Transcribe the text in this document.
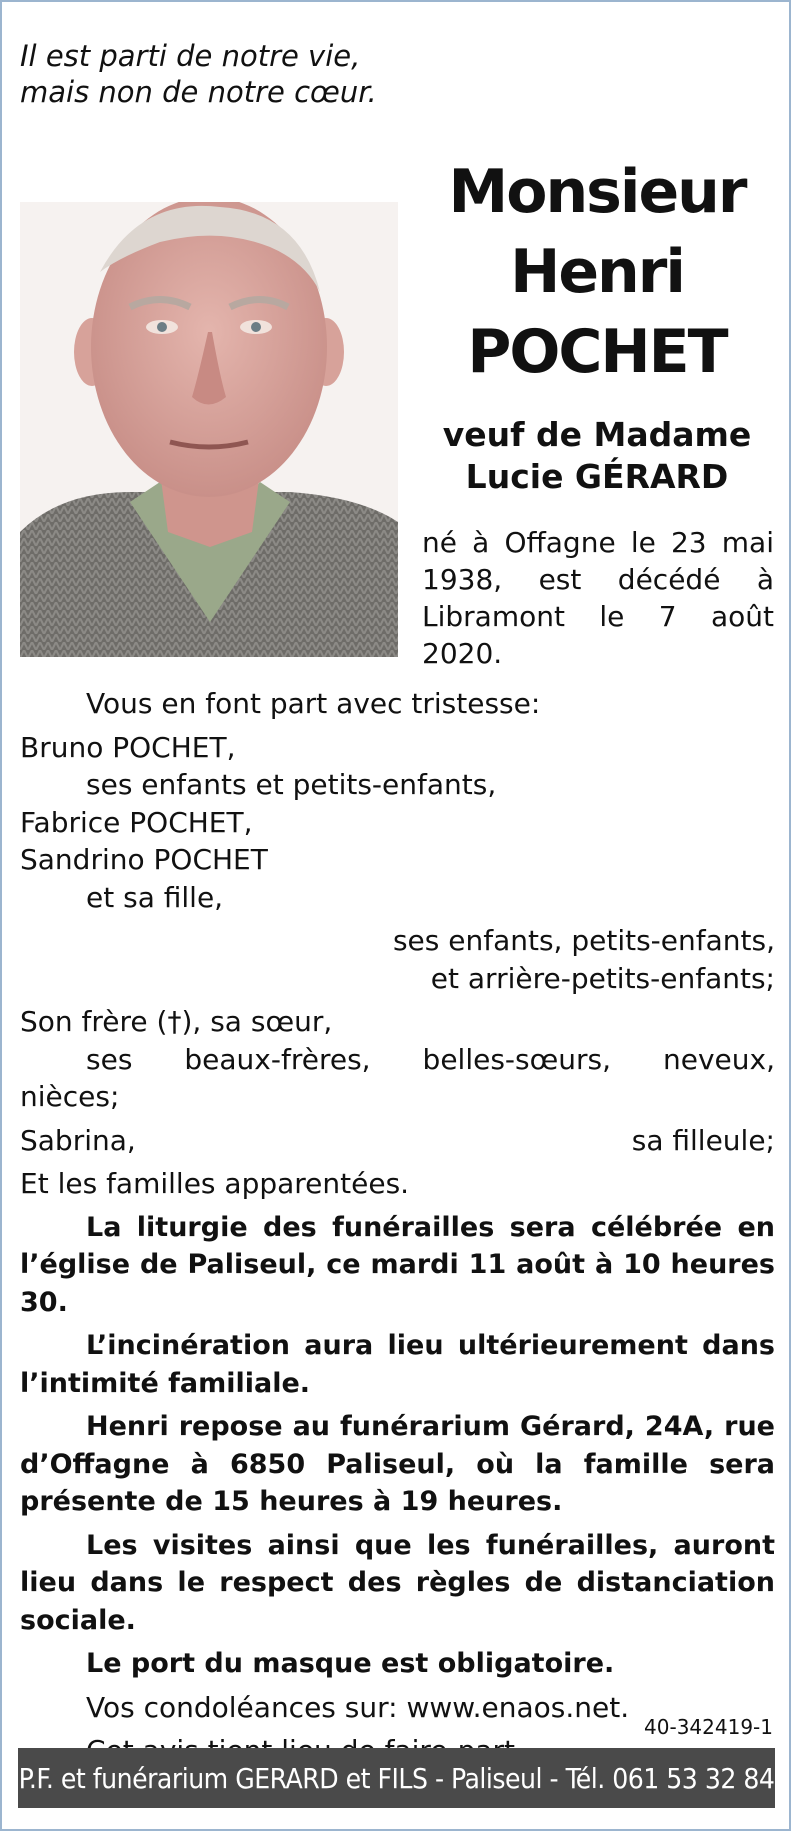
Il est parti de notre vie,
mais non de notre cœur.
Monsieur
Henri
POCHET
veuf de Madame
Lucie GÉRARD
né à Offagne le 23 mai 1938, est décédé à Libramont le 7 août 2020.

Vous en font part avec tristesse:

Bruno POCHET,

ses enfants et petits-enfants,

Fabrice POCHET,

Sandrino POCHET

et sa fille,

ses enfants, petits-enfants,

et arrière-petits-enfants;

Son frère (†), sa sœur,

ses beaux-frères, belles-sœurs, neveux,

nièces;

Sabrina,	sa filleule;

Et les familles apparentées.

La liturgie des funérailles sera célébrée en l’église de Paliseul, ce mardi 11 août à 10 heures 30.

L’incinération aura lieu ultérieurement dans l’intimité familiale.

Henri repose au funérarium Gérard, 24A, rue d’Offagne à 6850 Paliseul, où la famille sera présente de 15 heures à 19 heures.

Les visites ainsi que les funérailles, auront lieu dans le respect des règles de distanciation sociale.

Le port du masque est obligatoire.

Vos condoléances sur: www.enaos.net.

40-342419-1
P.F. et funérarium GERARD et FILS - Paliseul - Tél. 061 53 32 84
